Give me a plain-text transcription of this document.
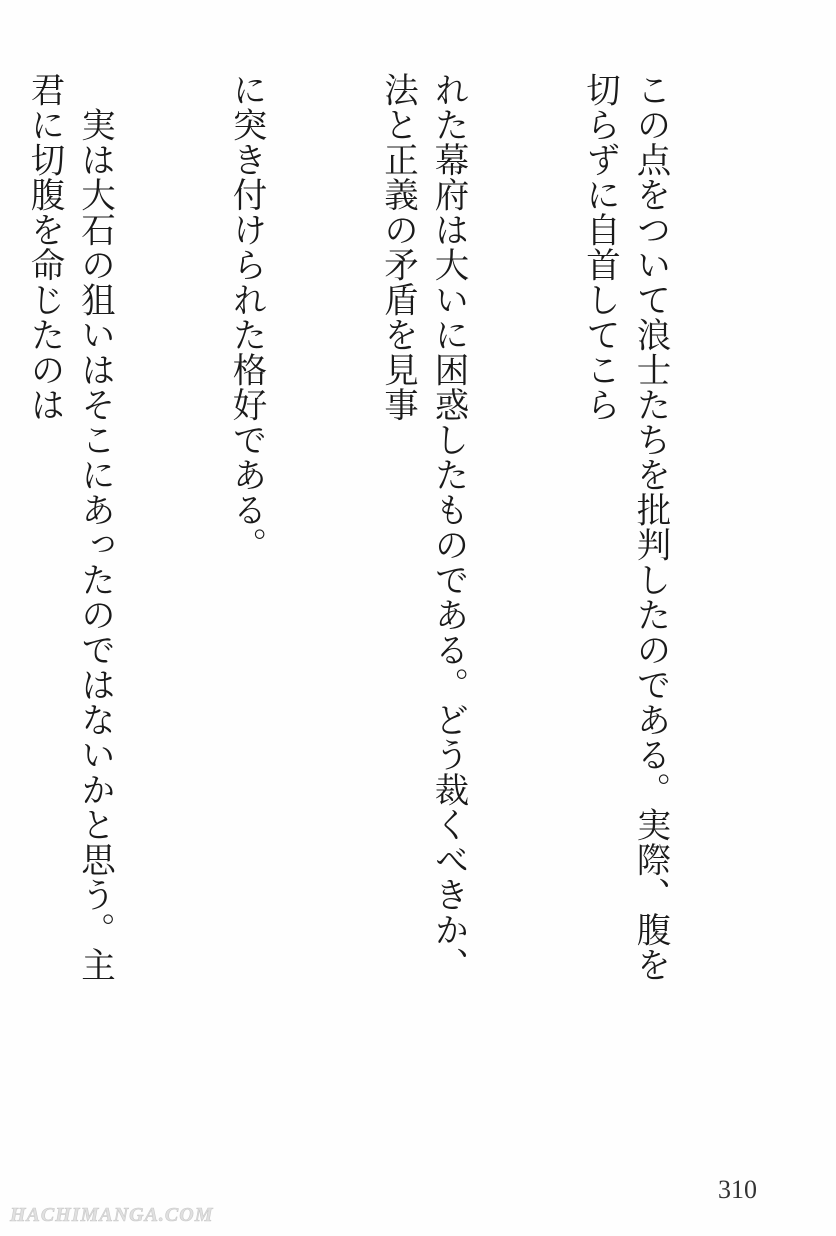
この点をついて浪士たちを批判したのである。実際、腹を切らずに自首してこら

れた幕府は大いに困惑したものである。どう裁くべきか、法と正義の矛盾を見事

に突き付けられた格好である。

　実は大石の狙いはそこにあったのではないかと思う。主君に切腹を命じたのは

310
HACHIMANGA.COM
